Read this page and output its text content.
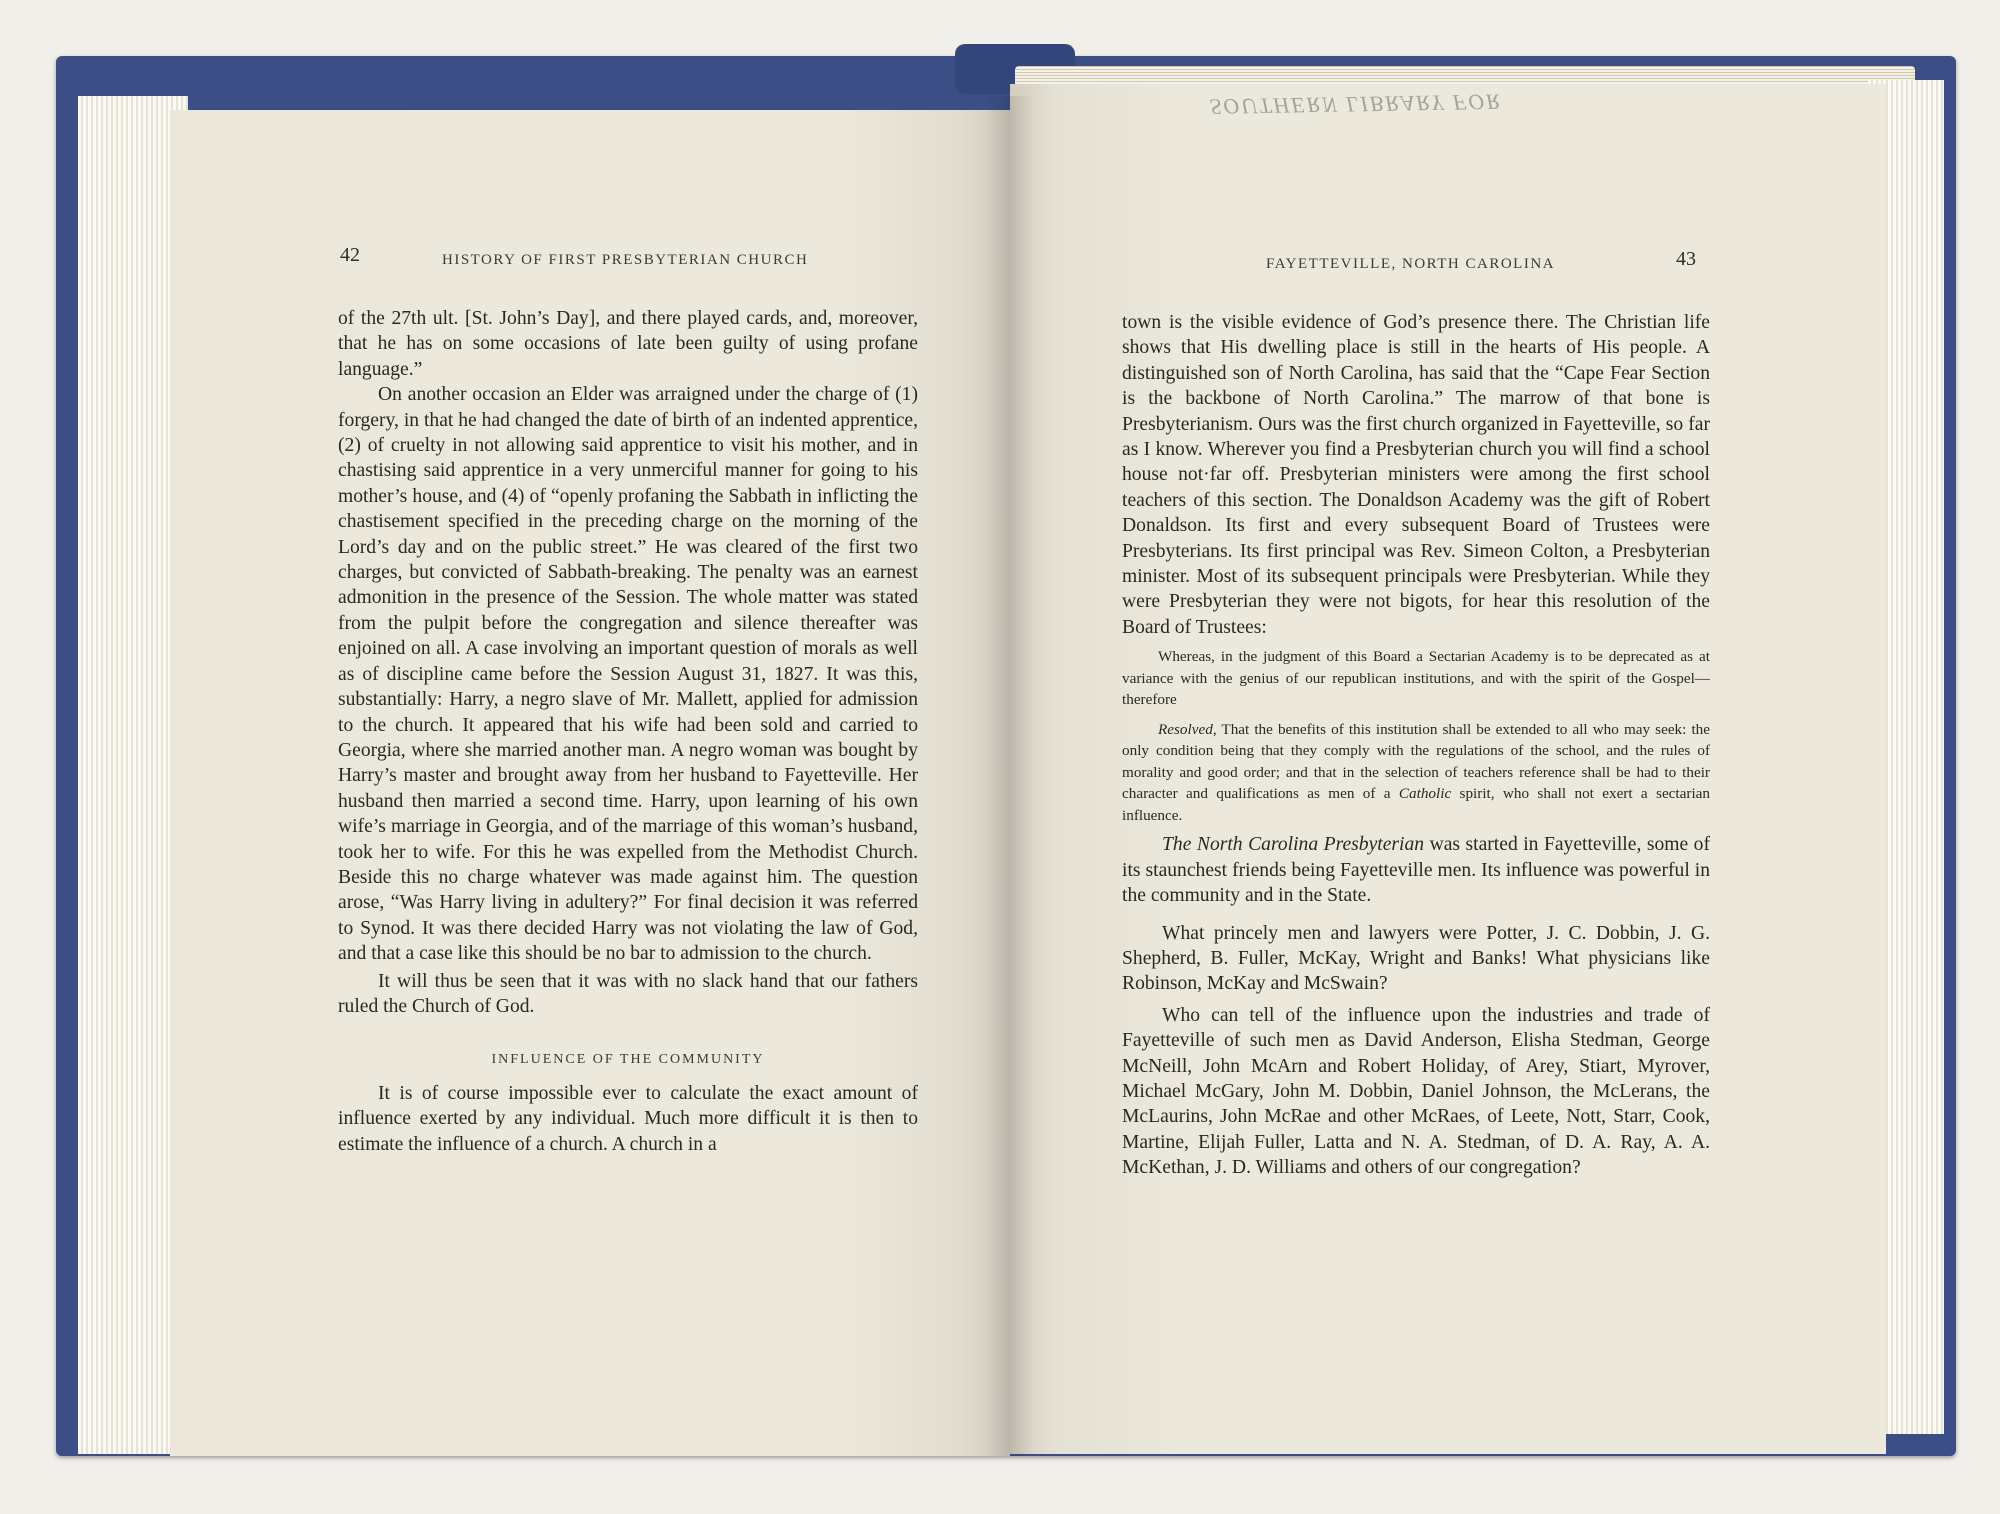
42	HISTORY OF FIRST PRESBYTERIAN CHURCH

of the 27th ult. [St. John’s Day], and there played cards, and, moreover, that he has on some occasions of late been guilty of using profane language.”

On another occasion an Elder was arraigned under the charge of (1) forgery, in that he had changed the date of birth of an indented apprentice, (2) of cruelty in not allowing said apprentice to visit his mother, and in chastising said apprentice in a very unmerciful manner for going to his mother’s house, and (4) of “openly profaning the Sabbath in inflicting the chastisement specified in the preceding charge on the morning of the Lord’s day and on the public street.” He was cleared of the first two charges, but convicted of Sabbath-breaking. The penalty was an earnest admonition in the presence of the Session. The whole matter was stated from the pulpit before the congregation and silence thereafter was enjoined on all. A case involving an important question of morals as well as of discipline came before the Session August 31, 1827. It was this, substantially: Harry, a negro slave of Mr. Mallett, applied for admission to the church. It appeared that his wife had been sold and carried to Georgia, where she married another man. A negro woman was bought by Harry’s master and brought away from her husband to Fayetteville. Her husband then married a second time. Harry, upon learning of his own wife’s marriage in Georgia, and of the marriage of this woman’s husband, took her to wife. For this he was expelled from the Methodist Church. Beside this no charge whatever was made against him. The question arose, “Was Harry living in adultery?” For final decision it was referred to Synod. It was there decided Harry was not violating the law of God, and that a case like this should be no bar to admission to the church.

It will thus be seen that it was with no slack hand that our fathers ruled the Church of God.

INFLUENCE OF THE COMMUNITY

It is of course impossible ever to calculate the exact amount of influence exerted by any individual. Much more difficult it is then to estimate the influence of a church. A church in a

SOUTHERN LIBRARY FOR
FAYETTEVILLE, NORTH CAROLINA	43

town is the visible evidence of God’s presence there. The Christian life shows that His dwelling place is still in the hearts of His people. A distinguished son of North Carolina, has said that the “Cape Fear Section is the backbone of North Carolina.” The marrow of that bone is Presbyterianism. Ours was the first church organized in Fayetteville, so far as I know. Wherever you find a Presbyterian church you will find a school house not·far off. Presbyterian ministers were among the first school teachers of this section. The Donaldson Academy was the gift of Robert Donaldson. Its first and every subsequent Board of Trustees were Presbyterians. Its first principal was Rev. Simeon Colton, a Presbyterian minister. Most of its subsequent principals were Presbyterian. While they were Presbyterian they were not bigots, for hear this resolution of the Board of Trustees:

Whereas, in the judgment of this Board a Sectarian Academy is to be deprecated as at variance with the genius of our republican institutions, and with the spirit of the Gospel—therefore

Resolved, That the benefits of this institution shall be extended to all who may seek: the only condition being that they comply with the regulations of the school, and the rules of morality and good order; and that in the selection of teachers reference shall be had to their character and qualifications as men of a Catholic spirit, who shall not exert a sectarian influence.

The North Carolina Presbyterian was started in Fayetteville, some of its staunchest friends being Fayetteville men. Its influence was powerful in the community and in the State.

What princely men and lawyers were Potter, J. C. Dobbin, J. G. Shepherd, B. Fuller, McKay, Wright and Banks! What physicians like Robinson, McKay and McSwain?

Who can tell of the influence upon the industries and trade of Fayetteville of such men as David Anderson, Elisha Stedman, George McNeill, John McArn and Robert Holiday, of Arey, Stiart, Myrover, Michael McGary, John M. Dobbin, Daniel Johnson, the McLerans, the McLaurins, John McRae and other McRaes, of Leete, Nott, Starr, Cook, Martine, Elijah Fuller, Latta and N. A. Stedman, of D. A. Ray, A. A. McKethan, J. D. Williams and others of our congregation?
